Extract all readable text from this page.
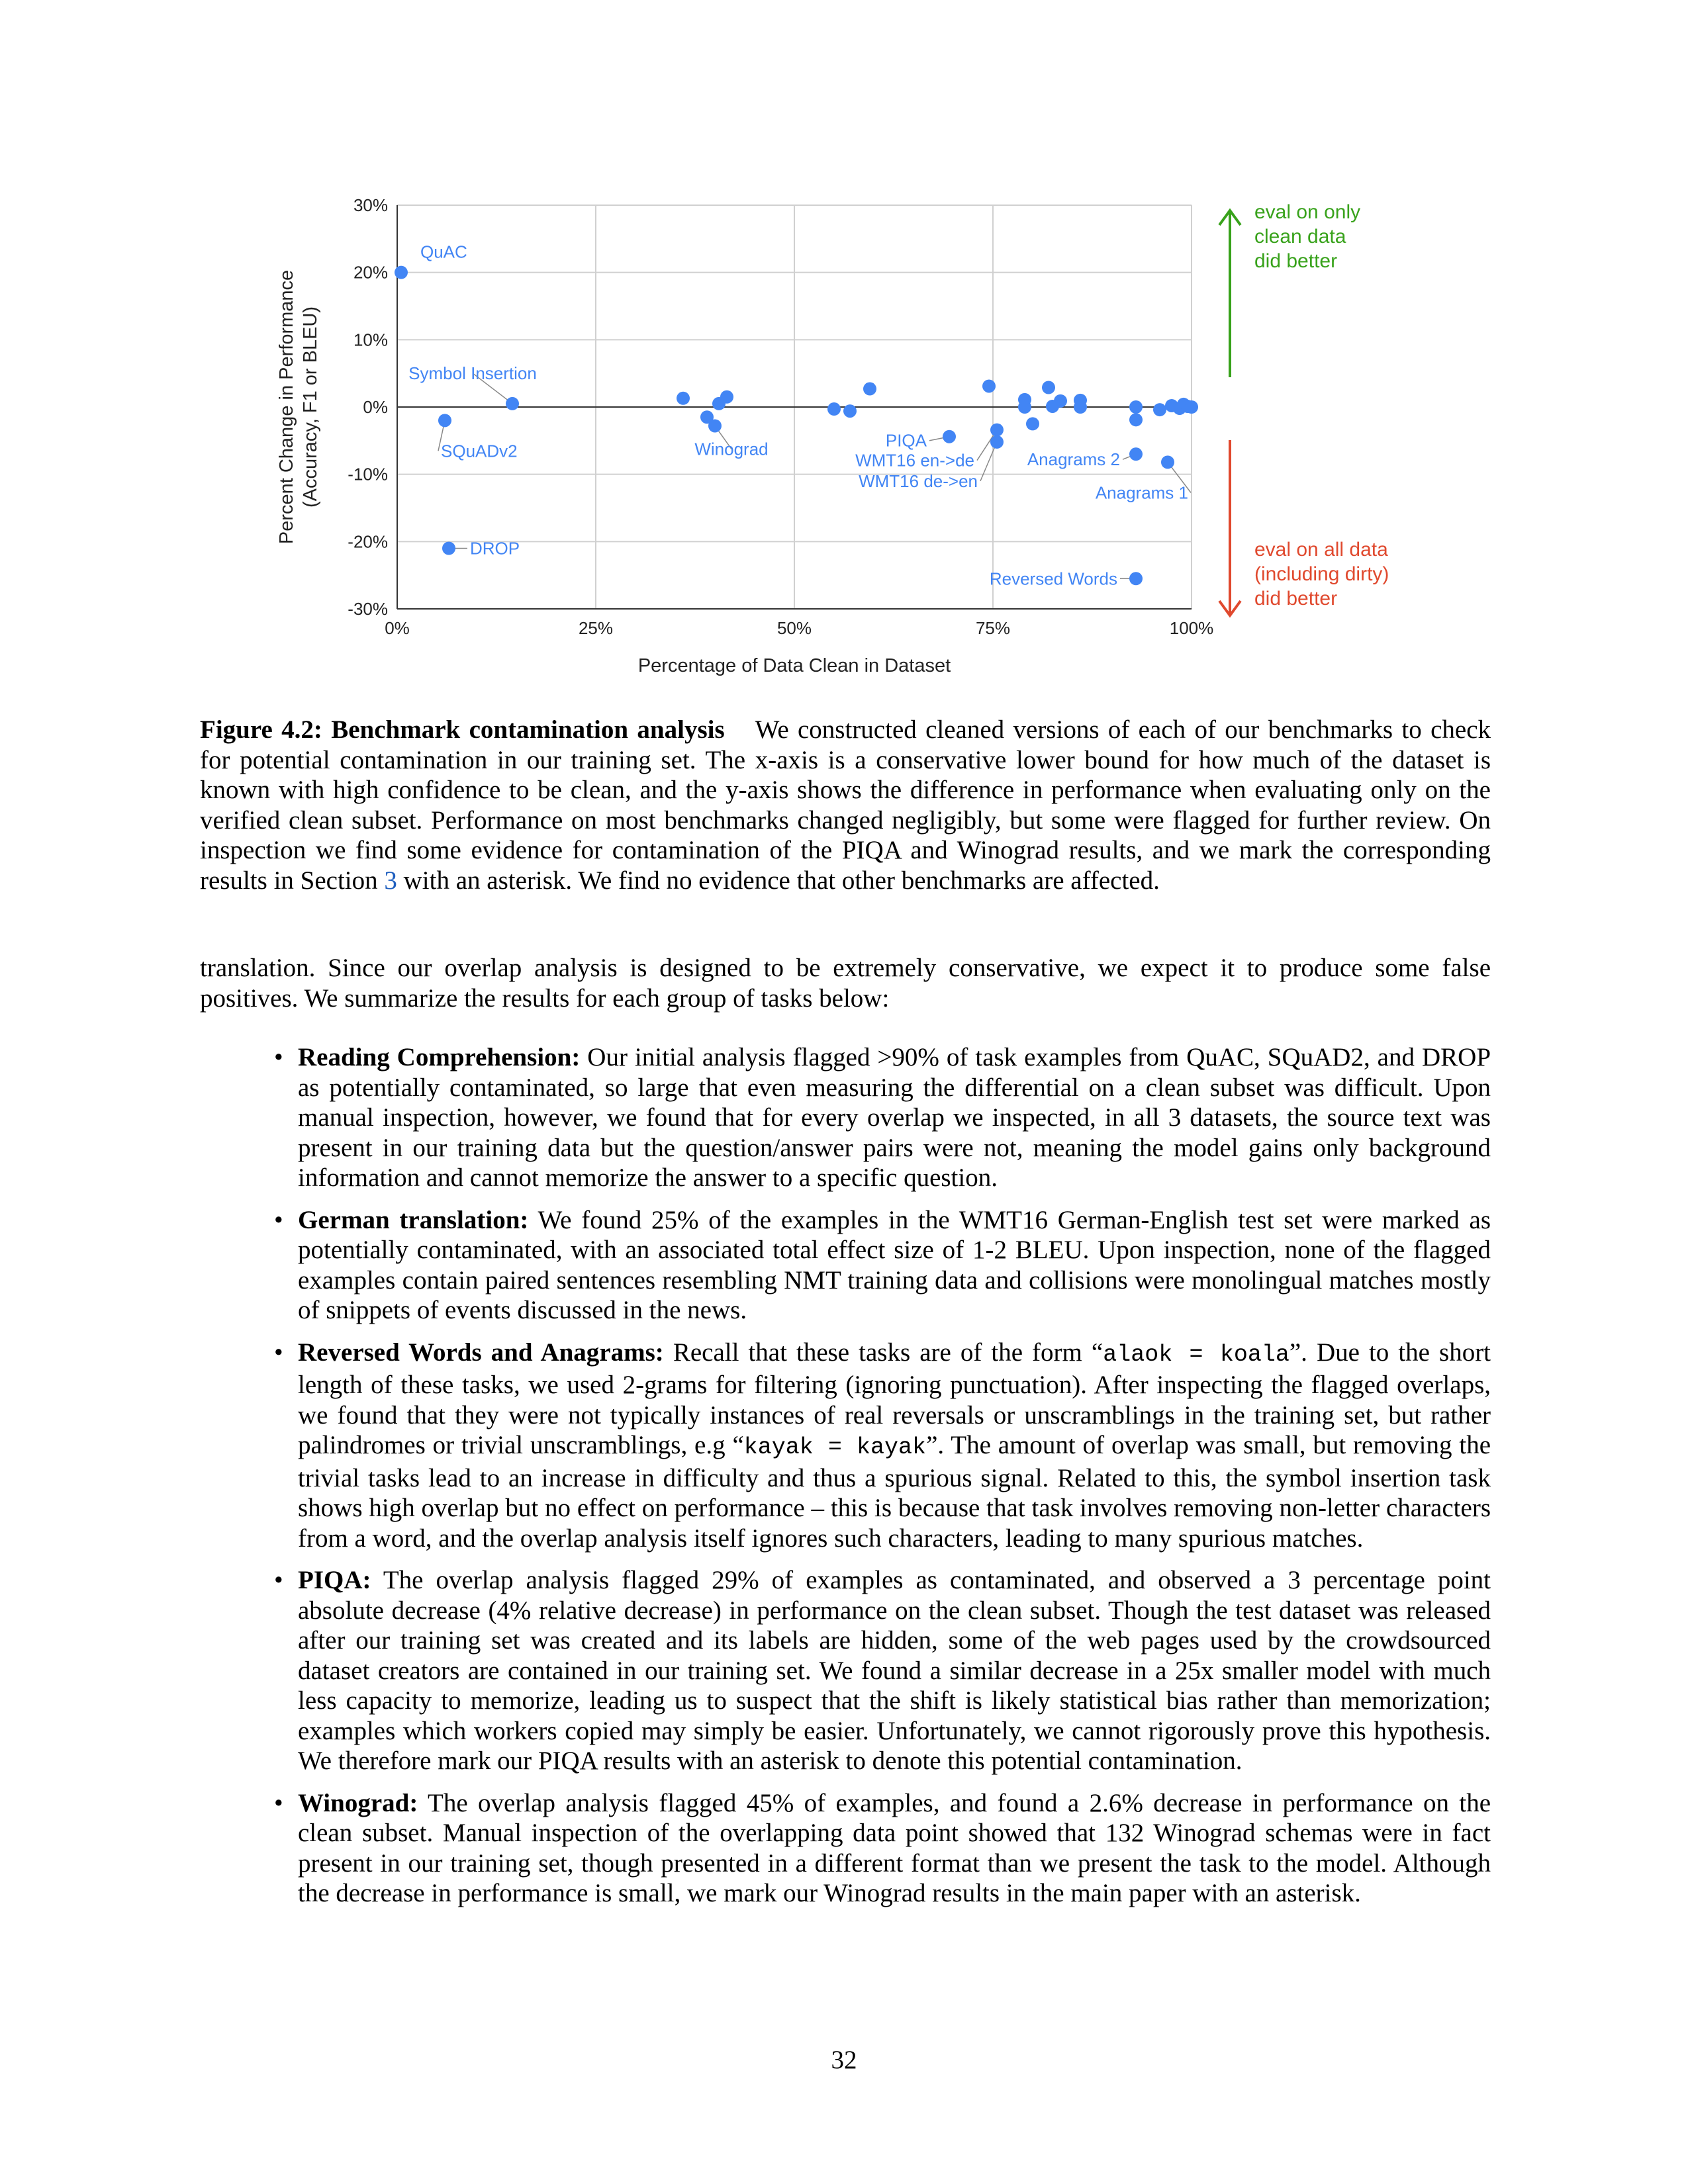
0%	25%	50%	75%	100%
30%
20%
10%
0%
-10%
-20%
-30%
Percentage of Data Clean in Dataset
Percent Change in Performance (Accuracy, F1 or BLEU)
QuAC
SQuADv2
DROP
Symbol Insertion
Winograd	PIQA
WMT16 en->de
WMT16 de->en
Anagrams 2
Reversed Words
Anagrams 1
eval on only
clean data
did better
eval on all data
(including dirty)
did better
Figure 4.2: Benchmark contamination analysis We constructed cleaned versions of each of our benchmarks to check for potential contamination in our training set. The x-axis is a conservative lower bound for how much of the dataset is known with high confidence to be clean, and the y-axis shows the difference in performance when evaluating only on the verified clean subset. Performance on most benchmarks changed negligibly, but some were flagged for further review. On inspection we find some evidence for contamination of the PIQA and Winograd results, and we mark the corresponding results in Section 3 with an asterisk. We find no evidence that other benchmarks are affected.
translation. Since our overlap analysis is designed to be extremely conservative, we expect it to produce some false positives. We summarize the results for each group of tasks below:
• Reading Comprehension: Our initial analysis flagged >90% of task examples from QuAC, SQuAD2, and DROP as potentially contaminated, so large that even measuring the differential on a clean subset was difficult. Upon manual inspection, however, we found that for every overlap we inspected, in all 3 datasets, the source text was present in our training data but the question/answer pairs were not, meaning the model gains only background information and cannot memorize the answer to a specific question.
• German translation: We found 25% of the examples in the WMT16 German-English test set were marked as potentially contaminated, with an associated total effect size of 1-2 BLEU. Upon inspection, none of the flagged examples contain paired sentences resembling NMT training data and collisions were monolingual matches mostly of snippets of events discussed in the news.
• Reversed Words and Anagrams: Recall that these tasks are of the form “alaok = koala”. Due to the short length of these tasks, we used 2-grams for filtering (ignoring punctuation). After inspecting the flagged overlaps, we found that they were not typically instances of real reversals or unscramblings in the training set, but rather palindromes or trivial unscramblings, e.g “kayak = kayak”. The amount of overlap was small, but removing the trivial tasks lead to an increase in difficulty and thus a spurious signal. Related to this, the symbol insertion task shows high overlap but no effect on performance – this is because that task involves removing non-letter characters from a word, and the overlap analysis itself ignores such characters, leading to many spurious matches.
• PIQA: The overlap analysis flagged 29% of examples as contaminated, and observed a 3 percentage point absolute decrease (4% relative decrease) in performance on the clean subset. Though the test dataset was released after our training set was created and its labels are hidden, some of the web pages used by the crowdsourced dataset creators are contained in our training set. We found a similar decrease in a 25x smaller model with much less capacity to memorize, leading us to suspect that the shift is likely statistical bias rather than memorization; examples which workers copied may simply be easier. Unfortunately, we cannot rigorously prove this hypothesis. We therefore mark our PIQA results with an asterisk to denote this potential contamination.
• Winograd: The overlap analysis flagged 45% of examples, and found a 2.6% decrease in performance on the clean subset. Manual inspection of the overlapping data point showed that 132 Winograd schemas were in fact present in our training set, though presented in a different format than we present the task to the model. Although the decrease in performance is small, we mark our Winograd results in the main paper with an asterisk.
32
